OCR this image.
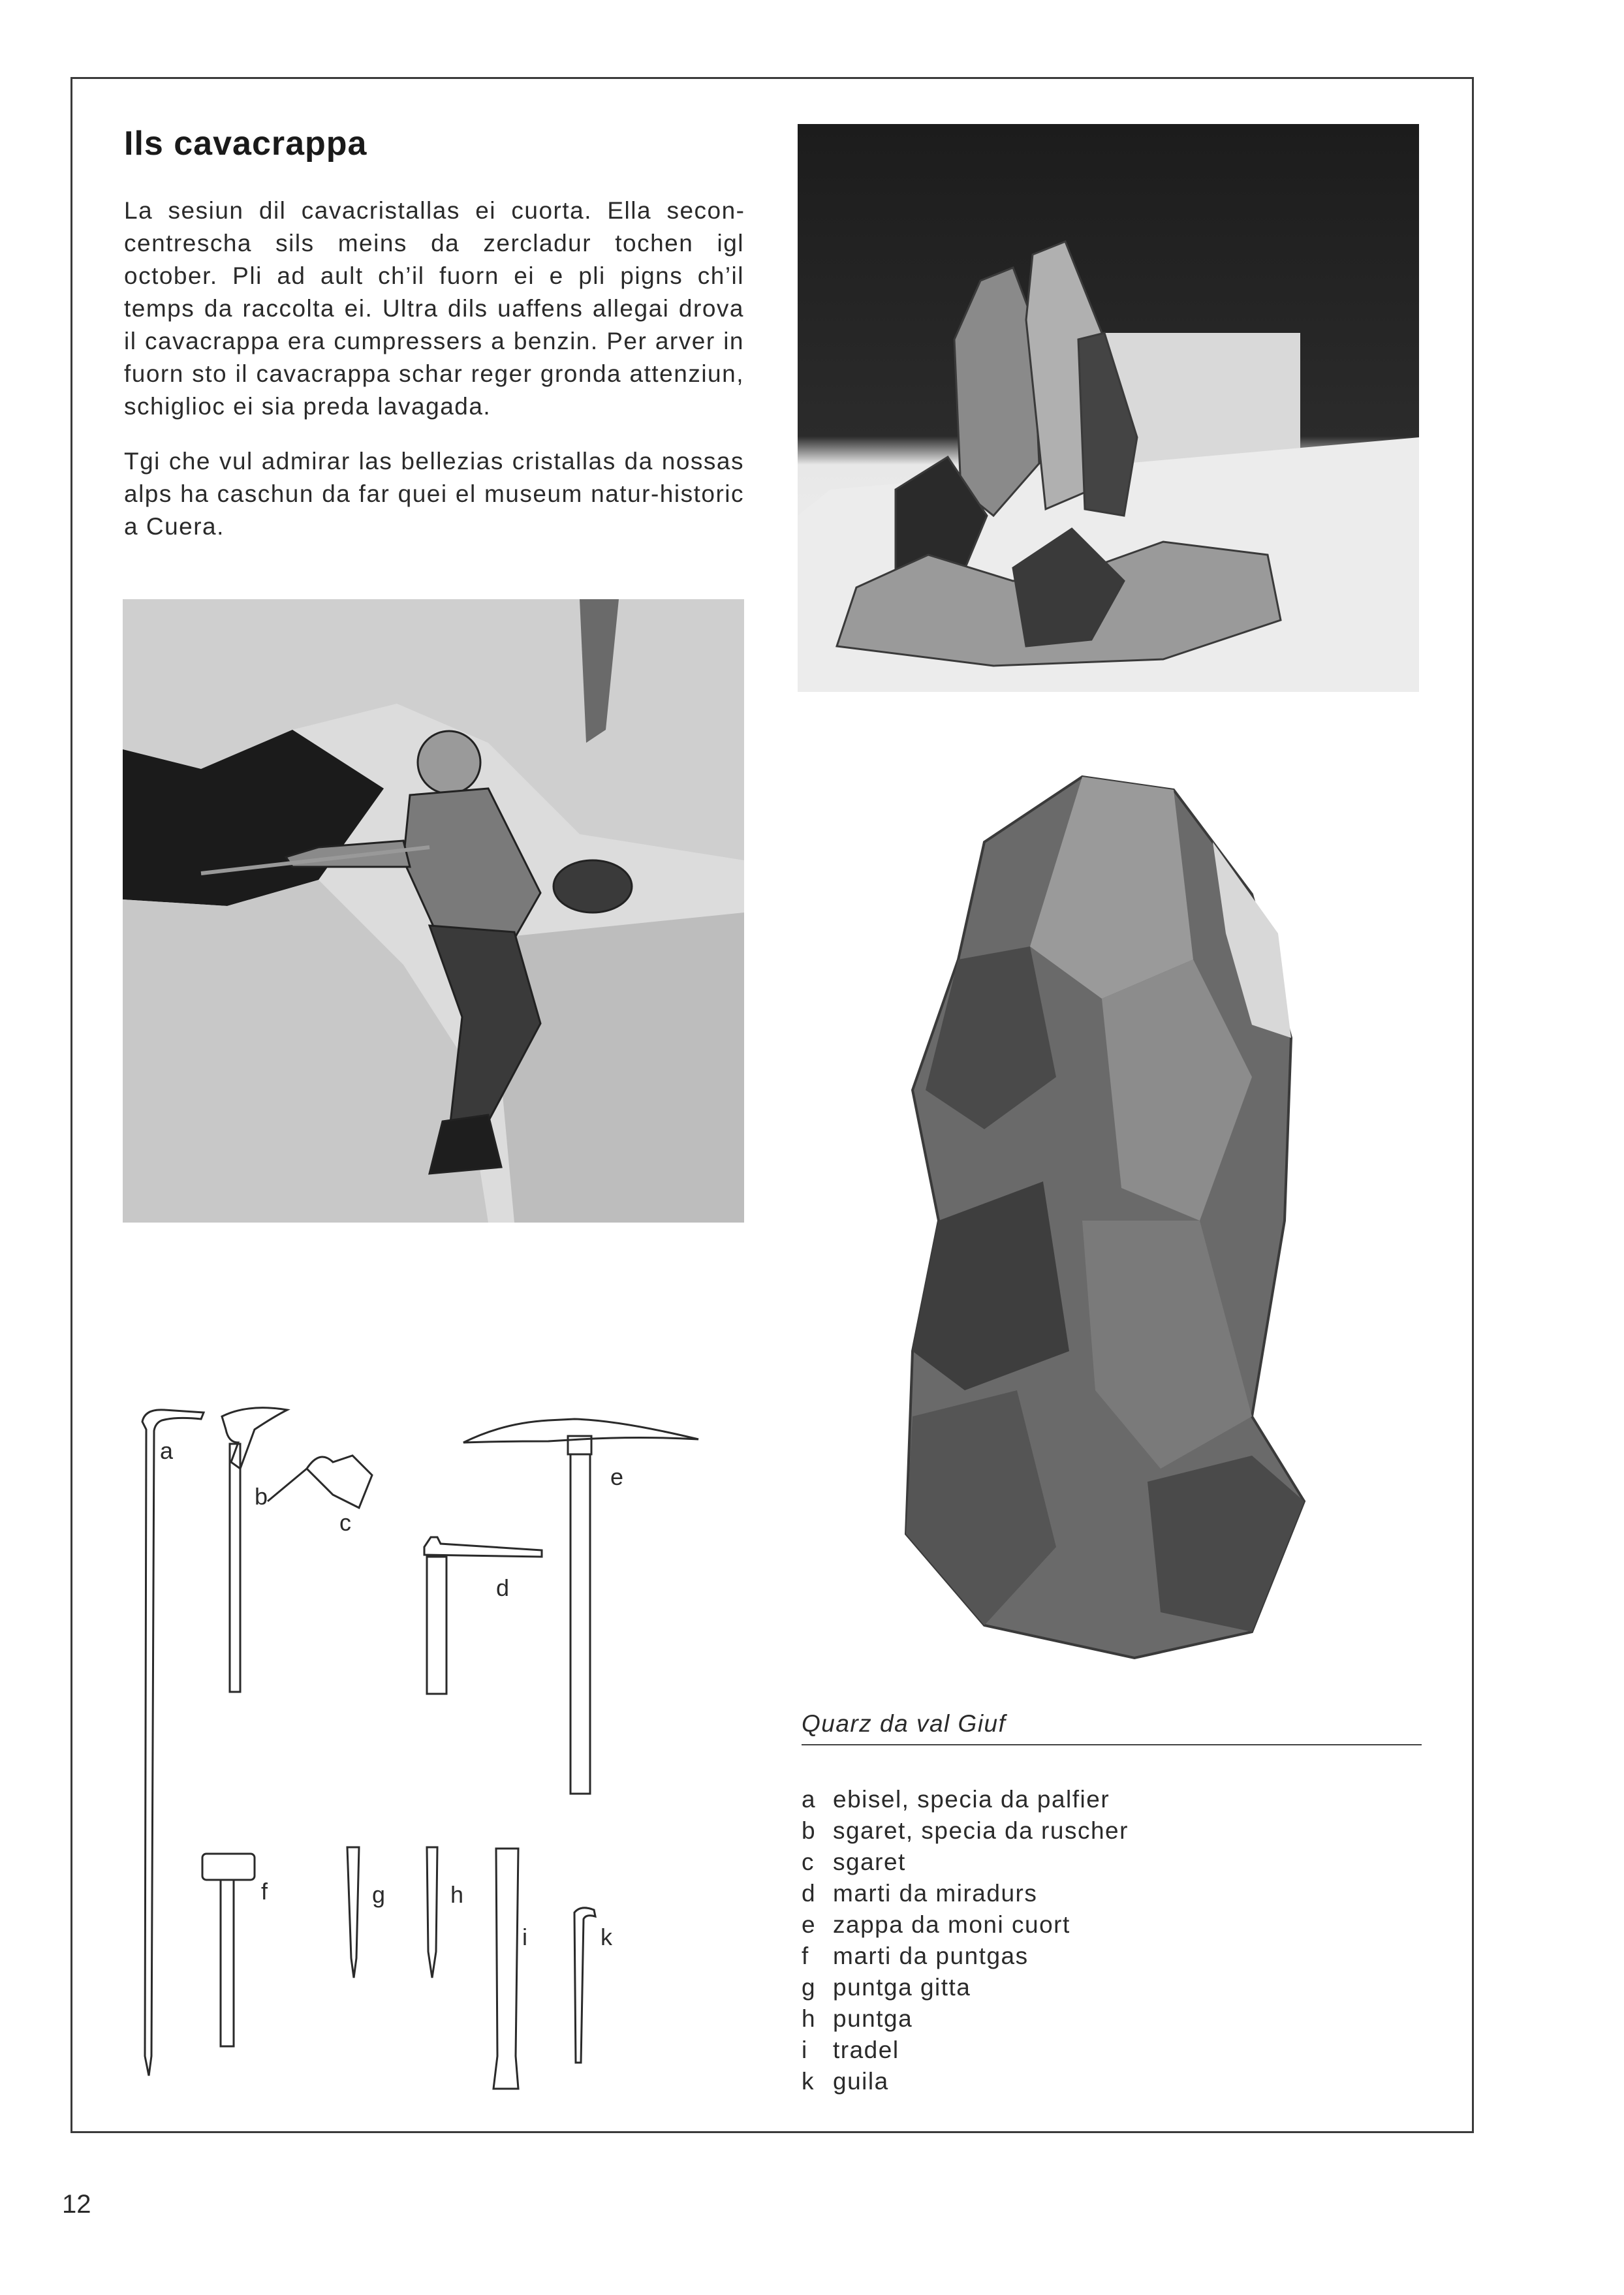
Ils cavacrappa

La sesiun dil cavacristallas ei cuorta. Ella seconcentrescha sils meins da zercladur tochen igl october. Pli ad ault ch’il fuorn ei e pli pigns ch’il temps da raccolta ei. Ultra dils uaffens allegai drova il cavacrappa era cumpressers a benzin. Per arver in fuorn sto il cavacrappa schar reger gronda attenziun, schiglioc ei sia preda lavagada.

Tgi che vul admirar las bellezias cristallas da nossas alps ha caschun da far quei el museum natur-historic a Cuera.

Quarz da val Giuf
a ebisel, specia da palfier
b sgaret, specia da ruscher
c sgaret
d marti da miradurs
e zappa da moni cuort
f marti da puntgas
g puntga gitta
h puntga
i	tradel
k guila
a
b
c
d
e
f	g	h
i	k
12
